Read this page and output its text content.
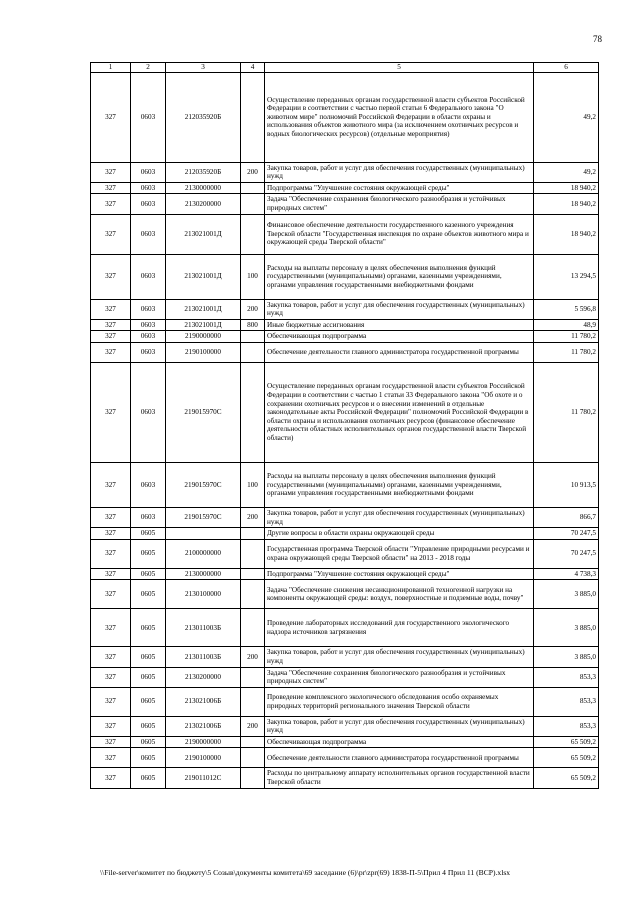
78
1	2	3	4	5	6
327	0603	212035920Б		Осуществление переданных органам государственной власти субъектов Российской Федерации в соответствии с частью первой статьи 6 Федерального закона "О животном мире" полномочий Российской Федерации в области охраны и использования объектов животного мира (за исключением охотничьих ресурсов и водных биологических ресурсов) (отдельные мероприятия)	49,2
327	0603	212035920Б	200	Закупка товаров, работ и услуг для обеспечения государственных (муниципальных) нужд	49,2
327	0603	2130000000		Подпрограмма "Улучшение состояния окружающей среды"	18 940,2
327	0603	2130200000		Задача "Обеспечение сохранения биологического разнообразия и устойчивых природных систем"	18 940,2
327	0603	213021001Д		Финансовое обеспечение деятельности государственного казенного учреждения Тверской области "Государственная инспекция по охране объектов животного мира и окружающей среды Тверской области"	18 940,2
327	0603	213021001Д	100	Расходы на выплаты персоналу в целях обеспечения выполнения функций государственными (муниципальными) органами, казенными учреждениями, органами управления государственными внебюджетными фондами	13 294,5
327	0603	213021001Д	200	Закупка товаров, работ и услуг для обеспечения государственных (муниципальных) нужд	5 596,8
327	0603	213021001Д	800	Иные бюджетные ассигнования	48,9
327	0603	2190000000		Обеспечивающая подпрограмма	11 780,2
327	0603	2190100000		Обеспечение деятельности главного администратора государственной программы	11 780,2
327	0603	219015970С		Осуществление переданных органам государственной власти субъектов Российской Федерации в соответствии с частью 1 статьи 33 Федерального закона "Об охоте и о сохранении охотничьих ресурсов и о внесении изменений в отдельные законодательные акты Российской Федерации" полномочий Российской Федерации в области охраны и использования охотничьих ресурсов (финансовое обеспечение деятельности областных исполнительных органов государственной власти Тверской области)	11 780,2
327	0603	219015970С	100	Расходы на выплаты персоналу в целях обеспечения выполнения функций государственными (муниципальными) органами, казенными учреждениями, органами управления государственными внебюджетными фондами	10 913,5
327	0603	219015970С	200	Закупка товаров, работ и услуг для обеспечения государственных (муниципальных) нужд	866,7
327	0605			Другие вопросы в области охраны окружающей среды	70 247,5
327	0605	2100000000		Государственная программа Тверской области "Управление природными ресурсами и охрана окружающей среды Тверской области" на 2013 - 2018 годы	70 247,5
327	0605	2130000000		Подпрограмма "Улучшение состояния окружающей среды"	4 738,3
327	0605	2130100000		Задача "Обеспечение снижения несанкционированной техногенной нагрузки на компоненты окружающей среды: воздух, поверхностные и подземные воды, почву"	3 885,0
327	0605	213011003Б		Проведение лабораторных исследований для государственного экологического надзора источников загрязнения	3 885,0
327	0605	213011003Б	200	Закупка товаров, работ и услуг для обеспечения государственных (муниципальных) нужд	3 885,0
327	0605	2130200000		Задача "Обеспечение сохранения биологического разнообразия и устойчивых природных систем"	853,3
327	0605	213021006Б		Проведение комплексного экологического обследования особо охраняемых природных территорий регионального значения Тверской области	853,3
327	0605	213021006Б	200	Закупка товаров, работ и услуг для обеспечения государственных (муниципальных) нужд	853,3
327	0605	2190000000		Обеспечивающая подпрограмма	65 509,2
327	0605	2190100000		Обеспечение деятельности главного администратора государственной программы	65 509,2
327	0605	219011012С		Расходы по центральному аппарату исполнительных органов государственной власти Тверской области	65 509,2
\\File-server\комитет по бюджету\5 Созыв\документы комитета\69 заседание (6)\pr\zpr(69) 1838-П-5\Прил 4 Прил 11 (ВСР).xlsx
